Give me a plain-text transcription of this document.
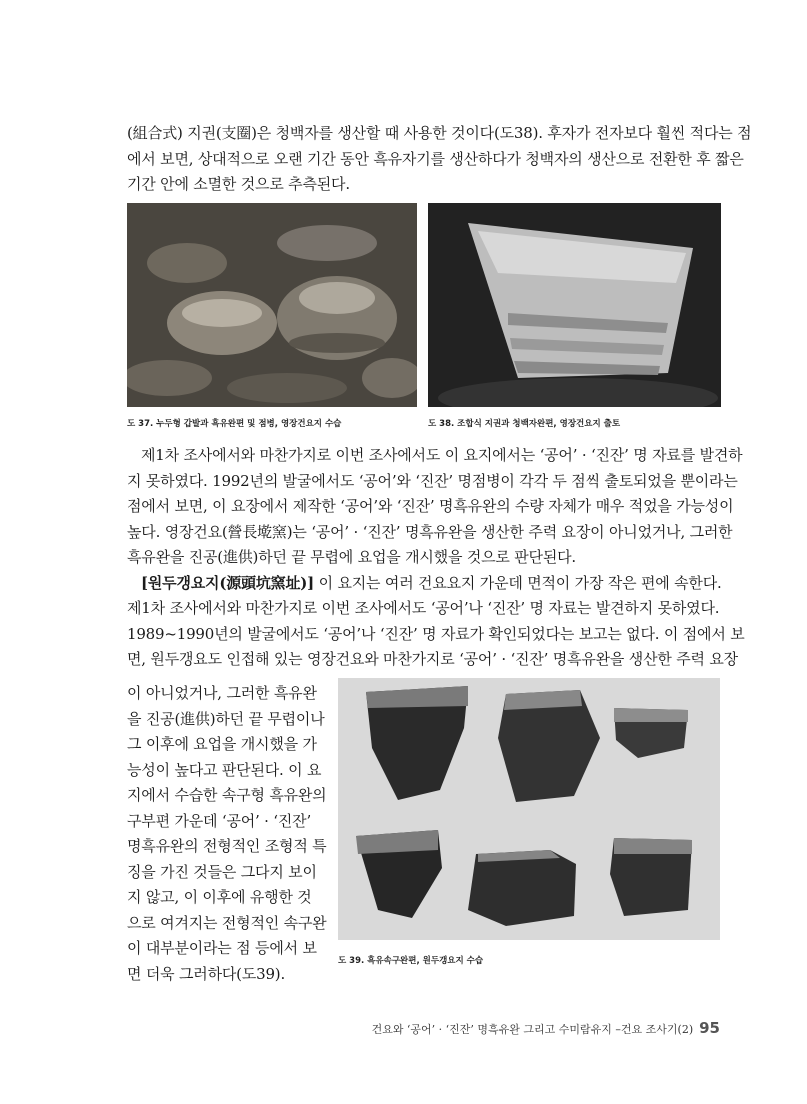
(組合式) 지권(支圈)은 청백자를 생산할 때 사용한 것이다(도38). 후자가 전자보다 훨씬 적다는 점
에서 보면, 상대적으로 오랜 기간 동안 흑유자기를 생산하다가 청백자의 생산으로 전환한 후 짧은
기간 안에 소멸한 것으로 추측된다.

도 37. 누두형 갑발과 흑유완편 및 점병, 영장건요지 수습	도 38. 조합식 지권과 청백자완편, 영장건요지 출토

제1차 조사에서와 마찬가지로 이번 조사에서도 이 요지에서는 ‘공어’ · ‘진잔’ 명 자료를 발견하
지 못하였다. 1992년의 발굴에서도 ‘공어’와 ‘진잔’ 명점병이 각각 두 점씩 출토되었을 뿐이라는
점에서 보면, 이 요장에서 제작한 ‘공어’와 ‘진잔’ 명흑유완의 수량 자체가 매우 적었을 가능성이
높다. 영장건요(營長墘窯)는 ‘공어’ · ‘진잔’ 명흑유완을 생산한 주력 요장이 아니었거나, 그러한
흑유완을 진공(進供)하던 끝 무렵에 요업을 개시했을 것으로 판단된다.
[원두갱요지(源頭坑窯址)] 이 요지는 여러 건요요지 가운데 면적이 가장 작은 편에 속한다.
제1차 조사에서와 마찬가지로 이번 조사에서도 ‘공어’나 ‘진잔’ 명 자료는 발견하지 못하였다.
1989~1990년의 발굴에서도 ‘공어’나 ‘진잔’ 명 자료가 확인되었다는 보고는 없다. 이 점에서 보
면, 원두갱요도 인접해 있는 영장건요와 마찬가지로 ‘공어’ · ‘진잔’ 명흑유완을 생산한 주력 요장

이 아니었거나, 그러한 흑유완
을 진공(進供)하던 끝 무렵이나
그 이후에 요업을 개시했을 가
능성이 높다고 판단된다. 이 요
지에서 수습한 속구형 흑유완의
구부편 가운데 ‘공어’ · ‘진잔’
명흑유완의 전형적인 조형적 특
징을 가진 것들은 그다지 보이
지 않고, 이 이후에 유행한 것
으로 여겨지는 전형적인 속구완
이 대부분이라는 점 등에서 보
면 더욱 그러하다(도39).

도 39. 흑유속구완편, 원두갱요지 수습
건요와 ‘공어’ · ‘진잔’ 명흑유완 그리고 수미람유지 –건요 조사기(2) 95
